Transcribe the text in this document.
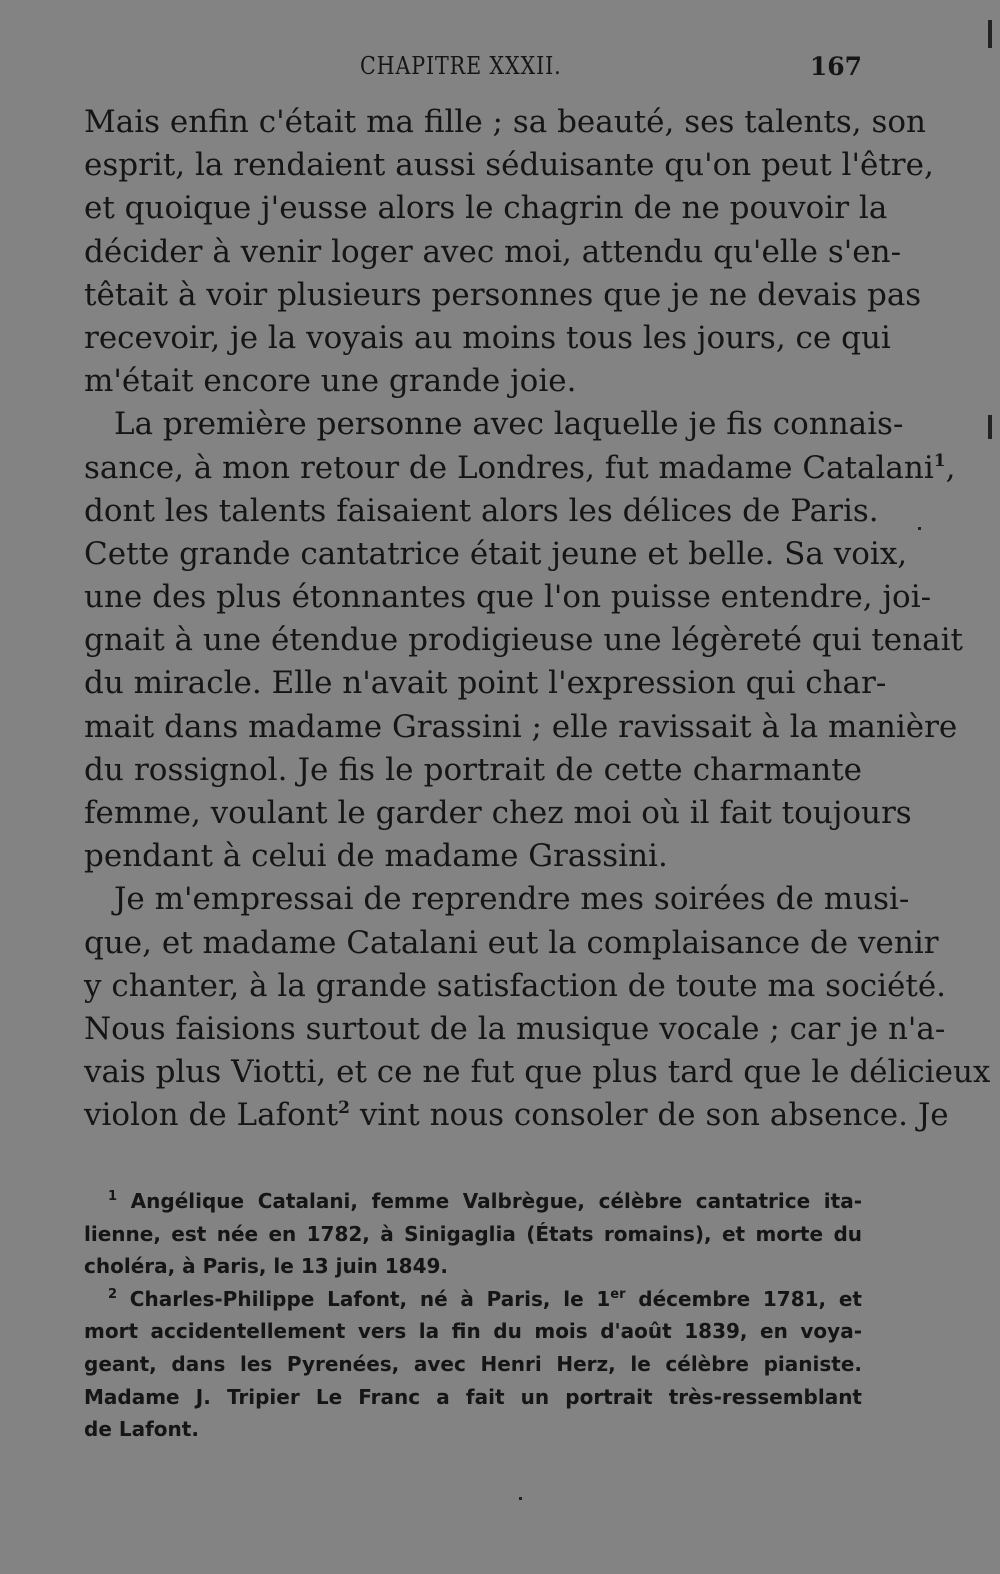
CHAPITRE XXXII.	167
Mais enfin c'était ma fille ; sa beauté, ses talents, son
esprit, la rendaient aussi séduisante qu'on peut l'être,
et quoique j'eusse alors le chagrin de ne pouvoir la
décider à venir loger avec moi, attendu qu'elle s'en-
têtait à voir plusieurs personnes que je ne devais pas
recevoir, je la voyais au moins tous les jours, ce qui
m'était encore une grande joie.
La première personne avec laquelle je fis connais-
sance, à mon retour de Londres, fut madame Catalani$^1$,
dont les talents faisaient alors les délices de Paris.
Cette grande cantatrice était jeune et belle. Sa voix,
une des plus étonnantes que l'on puisse entendre, joi-
gnait à une étendue prodigieuse une légèreté qui tenait
du miracle. Elle n'avait point l'expression qui char-
mait dans madame Grassini ; elle ravissait à la manière
du rossignol. Je fis le portrait de cette charmante
femme, voulant le garder chez moi où il fait toujours
pendant à celui de madame Grassini.
Je m'empressai de reprendre mes soirées de musi-
que, et madame Catalani eut la complaisance de venir
y chanter, à la grande satisfaction de toute ma société.
Nous faisions surtout de la musique vocale ; car je n'a-
vais plus Viotti, et ce ne fut que plus tard que le délicieux
violon de Lafont$^2$ vint nous consoler de son absence. Je
$^1$ Angélique Catalani, femme Valbrègue, célèbre cantatrice ita-
lienne, est née en 1782, à Sinigaglia (États romains), et morte du
choléra, à Paris, le 13 juin 1849.
$^2$ Charles-Philippe Lafont, né à Paris, le 1er décembre 1781, et
mort accidentellement vers la fin du mois d'août 1839, en voya-
geant, dans les Pyrenées, avec Henri Herz, le célèbre pianiste.
Madame J. Tripier Le Franc a fait un portrait très-ressemblant
de Lafont.
